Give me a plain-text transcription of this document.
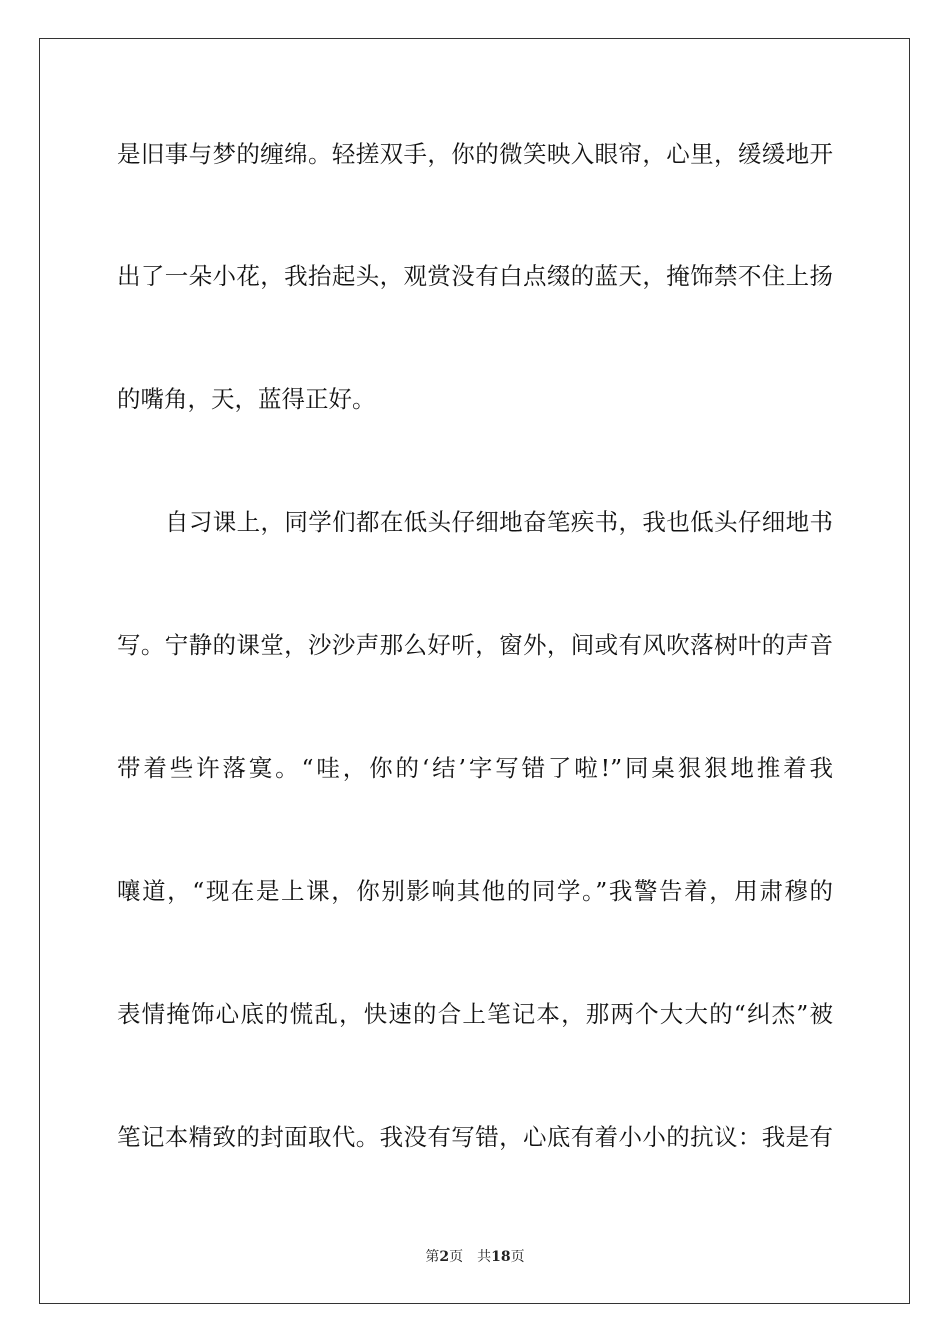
是旧事与梦的缠绵。轻搓双手，你的微笑映入眼帘，心里，缓缓地开
出了一朵小花，我抬起头，观赏没有白点缀的蓝天，掩饰禁不住上扬
的嘴角，天，蓝得正好。
自习课上，同学们都在低头仔细地奋笔疾书，我也低头仔细地书
写。宁静的课堂，沙沙声那么好听，窗外，间或有风吹落树叶的声音
带着些许落寞。“哇，你的‘结’字写错了啦!”同桌狠狠地推着我
嚷道，“现在是上课，你别影响其他的同学。”我警告着，用肃穆的
表情掩饰心底的慌乱，快速的合上笔记本，那两个大大的“纠杰”被
笔记本精致的封面取代。我没有写错，心底有着小小的抗议：我是有
第2页 共18页
